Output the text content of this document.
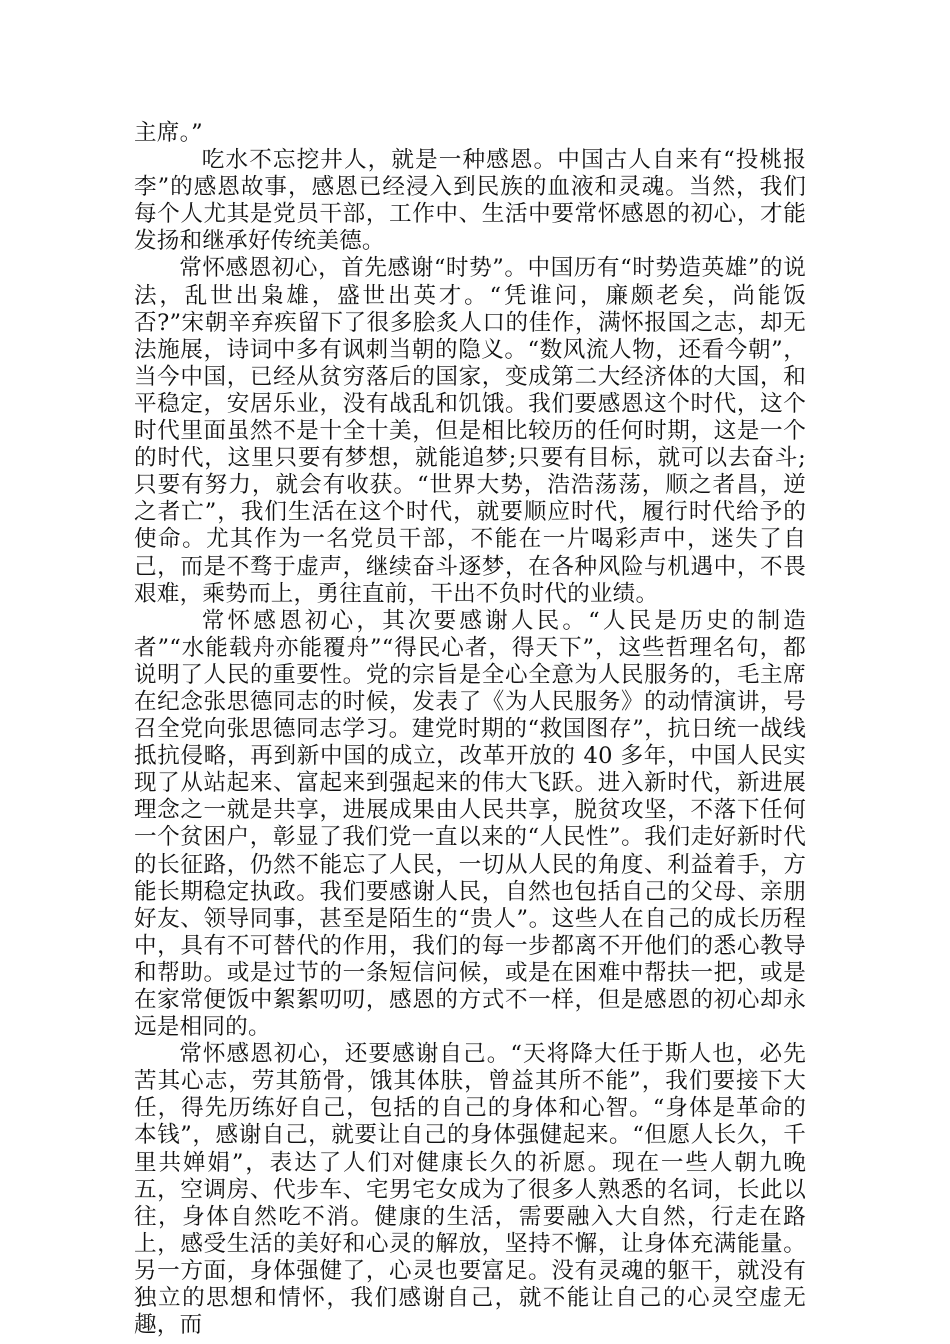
主席。”

吃水不忘挖井人，就是一种感恩。中国古人自来有“投桃报李”的感恩故事，感恩已经浸入到民族的血液和灵魂。当然，我们每个人尤其是党员干部，工作中、生活中要常怀感恩的初心，才能发扬和继承好传统美德。

常怀感恩初心，首先感谢“时势”。中国历有“时势造英雄”的说法，乱世出枭雄，盛世出英才。“凭谁问，廉颇老矣，尚能饭否?”宋朝辛弃疾留下了很多脍炙人口的佳作，满怀报国之志，却无法施展，诗词中多有讽刺当朝的隐义。“数风流人物，还看今朝”，当今中国，已经从贫穷落后的国家，变成第二大经济体的大国，和平稳定，安居乐业，没有战乱和饥饿。我们要感恩这个时代，这个时代里面虽然不是十全十美，但是相比较历的任何时期，这是一个的时代，这里只要有梦想，就能追梦;只要有目标，就可以去奋斗;只要有努力，就会有收获。“世界大势，浩浩荡荡，顺之者昌，逆之者亡”，我们生活在这个时代，就要顺应时代，履行时代给予的使命。尤其作为一名党员干部，不能在一片喝彩声中，迷失了自己，而是不骛于虚声，继续奋斗逐梦，在各种风险与机遇中，不畏艰难，乘势而上，勇往直前，干出不负时代的业绩。

常怀感恩初心，其次要感谢人民。“人民是历史的制造者”“水能载舟亦能覆舟”“得民心者，得天下”，这些哲理名句，都说明了人民的重要性。党的宗旨是全心全意为人民服务的，毛主席在纪念张思德同志的时候，发表了《为人民服务》的动情演讲，号召全党向张思德同志学习。建党时期的“救国图存”，抗日统一战线抵抗侵略，再到新中国的成立，改革开放的 40 多年，中国人民实现了从站起来、富起来到强起来的伟大飞跃。进入新时代，新进展理念之一就是共享，进展成果由人民共享，脱贫攻坚，不落下任何一个贫困户，彰显了我们党一直以来的“人民性”。我们走好新时代的长征路，仍然不能忘了人民，一切从人民的角度、利益着手，方能长期稳定执政。我们要感谢人民，自然也包括自己的父母、亲朋好友、领导同事，甚至是陌生的“贵人”。这些人在自己的成长历程中，具有不可替代的作用，我们的每一步都离不开他们的悉心教导和帮助。或是过节的一条短信问候，或是在困难中帮扶一把，或是在家常便饭中絮絮叨叨，感恩的方式不一样，但是感恩的初心却永远是相同的。

常怀感恩初心，还要感谢自己。“天将降大任于斯人也，必先苦其心志，劳其筋骨，饿其体肤，曾益其所不能”，我们要接下大任，得先历练好自己，包括的自己的身体和心智。“身体是革命的本钱”，感谢自己，就要让自己的身体强健起来。“但愿人长久，千里共婵娟”，表达了人们对健康长久的祈愿。现在一些人朝九晚五，空调房、代步车、宅男宅女成为了很多人熟悉的名词，长此以往，身体自然吃不消。健康的生活，需要融入大自然，行走在路上，感受生活的美好和心灵的解放，坚持不懈，让身体充满能量。另一方面，身体强健了，心灵也要富足。没有灵魂的躯干，就没有独立的思想和情怀，我们感谢自己，就不能让自己的心灵空虚无趣，而
